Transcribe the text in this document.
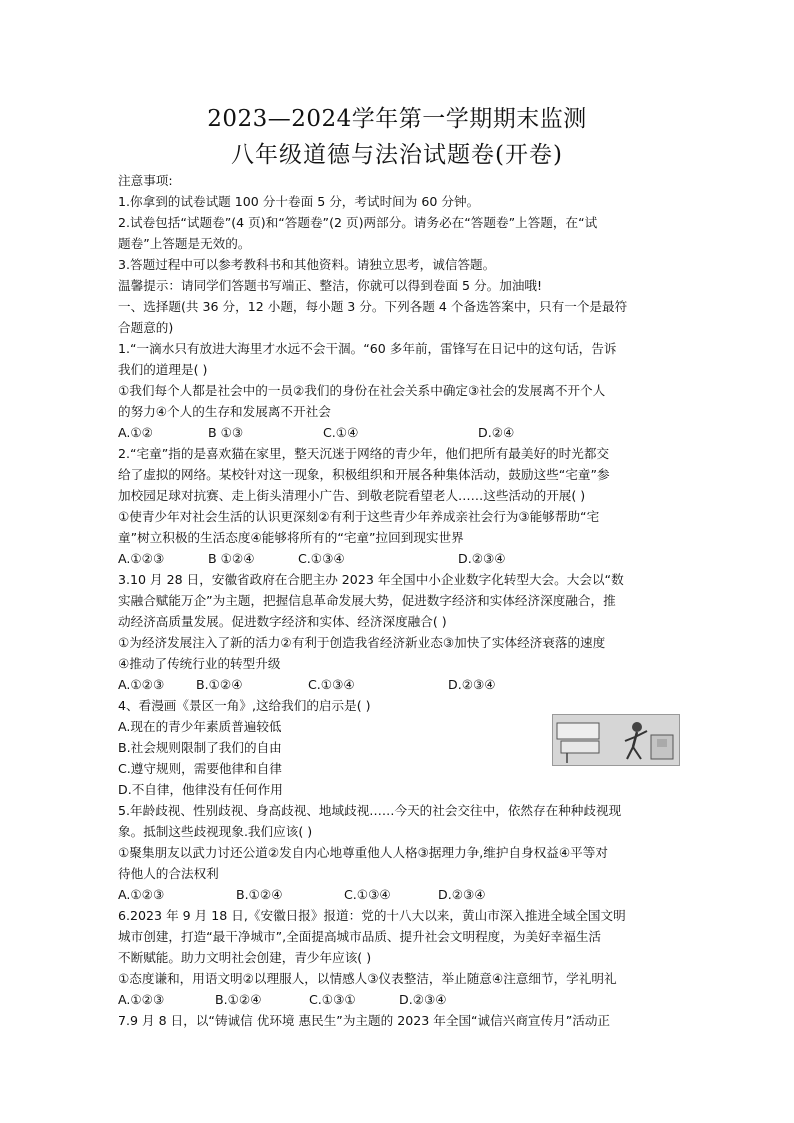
2023—2024学年第一学期期末监测
八年级道德与法治试题卷(开卷)

注意事项:

1.你拿到的试卷试题 100 分十卷面 5 分，考试时间为 60 分钟。

2.试卷包括“试题卷”(4 页)和“答题卷”(2 页)两部分。请务必在“答题卷”上答题，在“试

题卷”上答题是无效的。

3.答题过程中可以参考教科书和其他资料。请独立思考，诚信答题。

温馨提示：请同学们答题书写端正、整洁，你就可以得到卷面 5 分。加油哦!

一、选择题(共 36 分，12 小题，每小题 3 分。下列各题 4 个备选答案中，只有一个是最符

合题意的)

1.“一滴水只有放进大海里才水远不会干涸。“60 多年前，雷锋写在日记中的这句话，告诉

我们的道理是( )

①我们每个人都是社会中的一员②我们的身份在社会关系中确定③社会的发展离不开个人

的努力④个人的生存和发展离不开社会

A.①②	B ①③	C.①④	D.②④

2.“宅童”指的是喜欢猫在家里，整天沉迷于网络的青少年，他们把所有最美好的时光都交

给了虚拟的网络。某校针对这一现象，积极组织和开展各种集体活动，鼓励这些“宅童”参

加校园足球对抗赛、走上街头清理小广告、到敬老院看望老人……这些活动的开展( )

①使青少年对社会生活的认识更深刻②有利于这些青少年养成亲社会行为③能够帮助“宅

童”树立积极的生活态度④能够将所有的“宅童”拉回到现实世界

A.①②③	B ①②④	C.①③④	D.②③④

3.10 月 28 日，安徽省政府在合肥主办 2023 年全国中小企业数字化转型大会。大会以“数

实融合赋能万企”为主题，把握信息革命发展大势，促进数字经济和实体经济深度融合，推

动经济高质量发展。促进数字经济和实体、经济深度融合( )

①为经济发展注入了新的活力②有利于创造我省经济新业态③加快了实体经济衰落的速度

④推动了传统行业的转型升级

A.①②③	B.①②④	C.①③④	D.②③④

4、看漫画《景区一角》,这给我们的启示是( )

A.现在的青少年素质普遍较低

B.社会规则限制了我们的自由

C.遵守规则，需要他律和自律

D.不自律，他律没有任何作用

5.年龄歧视、性别歧视、身高歧视、地域歧视……今天的社会交往中，依然存在种种歧视现

象。抵制这些歧视现象.我们应该( )

①聚集朋友以武力讨还公道②发自内心地尊重他人人格③据理力争,维护自身权益④平等对

待他人的合法权利

A.①②③	B.①②④	C.①③④	D.②③④

6.2023 年 9 月 18 日,《安徽日报》报道：党的十八大以来，黄山市深入推进全域全国文明

城市创建，打造“最干净城市”,全面提高城市品质、提升社会文明程度，为美好幸福生活

不断赋能。助力文明社会创建，青少年应该( )

①态度谦和，用语文明②以理服人，以情感人③仪表整洁，举止随意④注意细节，学礼明礼

A.①②③	B.①②④	C.①③①	D.②③④

7.9 月 8 日，以“铸诚信 优环境 惠民生”为主题的 2023 年全国“诚信兴商宣传月”活动正
